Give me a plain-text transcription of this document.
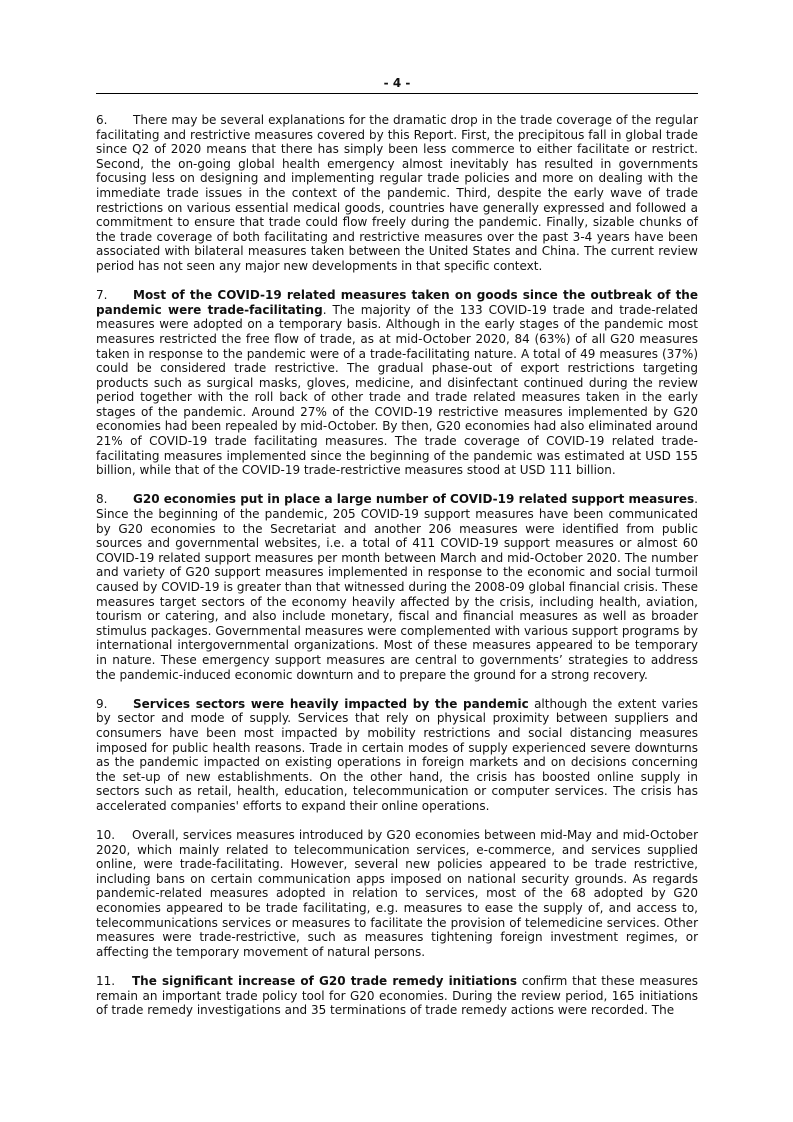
- 4 -

6. There may be several explanations for the dramatic drop in the trade coverage of the regular facilitating and restrictive measures covered by this Report. First, the precipitous fall in global trade since Q2 of 2020 means that there has simply been less commerce to either facilitate or restrict. Second, the on-going global health emergency almost inevitably has resulted in governments focusing less on designing and implementing regular trade policies and more on dealing with the immediate trade issues in the context of the pandemic. Third, despite the early wave of trade restrictions on various essential medical goods, countries have generally expressed and followed a commitment to ensure that trade could flow freely during the pandemic. Finally, sizable chunks of the trade coverage of both facilitating and restrictive measures over the past 3-4 years have been associated with bilateral measures taken between the United States and China. The current review period has not seen any major new developments in that specific context.

7. Most of the COVID-19 related measures taken on goods since the outbreak of the pandemic were trade-facilitating. The majority of the 133 COVID-19 trade and trade-related measures were adopted on a temporary basis. Although in the early stages of the pandemic most measures restricted the free flow of trade, as at mid-October 2020, 84 (63%) of all G20 measures taken in response to the pandemic were of a trade-facilitating nature. A total of 49 measures (37%) could be considered trade restrictive. The gradual phase-out of export restrictions targeting products such as surgical masks, gloves, medicine, and disinfectant continued during the review period together with the roll back of other trade and trade related measures taken in the early stages of the pandemic. Around 27% of the COVID-19 restrictive measures implemented by G20 economies had been repealed by mid-October. By then, G20 economies had also eliminated around 21% of COVID-19 trade facilitating measures. The trade coverage of COVID-19 related trade-facilitating measures implemented since the beginning of the pandemic was estimated at USD 155 billion, while that of the COVID-19 trade-restrictive measures stood at USD 111 billion.

8. G20 economies put in place a large number of COVID-19 related support measures. Since the beginning of the pandemic, 205 COVID-19 support measures have been communicated by G20 economies to the Secretariat and another 206 measures were identified from public sources and governmental websites, i.e. a total of 411 COVID-19 support measures or almost 60 COVID-19 related support measures per month between March and mid-October 2020. The number and variety of G20 support measures implemented in response to the economic and social turmoil caused by COVID-19 is greater than that witnessed during the 2008-09 global financial crisis. These measures target sectors of the economy heavily affected by the crisis, including health, aviation, tourism or catering, and also include monetary, fiscal and financial measures as well as broader stimulus packages. Governmental measures were complemented with various support programs by international intergovernmental organizations. Most of these measures appeared to be temporary in nature. These emergency support measures are central to governments’ strategies to address the pandemic-induced economic downturn and to prepare the ground for a strong recovery.

9. Services sectors were heavily impacted by the pandemic although the extent varies by sector and mode of supply. Services that rely on physical proximity between suppliers and consumers have been most impacted by mobility restrictions and social distancing measures imposed for public health reasons. Trade in certain modes of supply experienced severe downturns as the pandemic impacted on existing operations in foreign markets and on decisions concerning the set-up of new establishments. On the other hand, the crisis has boosted online supply in sectors such as retail, health, education, telecommunication or computer services. The crisis has accelerated companies' efforts to expand their online operations.

10. Overall, services measures introduced by G20 economies between mid-May and mid-October 2020, which mainly related to telecommunication services, e-commerce, and services supplied online, were trade-facilitating. However, several new policies appeared to be trade restrictive, including bans on certain communication apps imposed on national security grounds. As regards pandemic-related measures adopted in relation to services, most of the 68 adopted by G20 economies appeared to be trade facilitating, e.g. measures to ease the supply of, and access to, telecommunications services or measures to facilitate the provision of telemedicine services. Other measures were trade-restrictive, such as measures tightening foreign investment regimes, or affecting the temporary movement of natural persons.

11. The significant increase of G20 trade remedy initiations confirm that these measures remain an important trade policy tool for G20 economies. During the review period, 165 initiations of trade remedy investigations and 35 terminations of trade remedy actions were recorded. The
